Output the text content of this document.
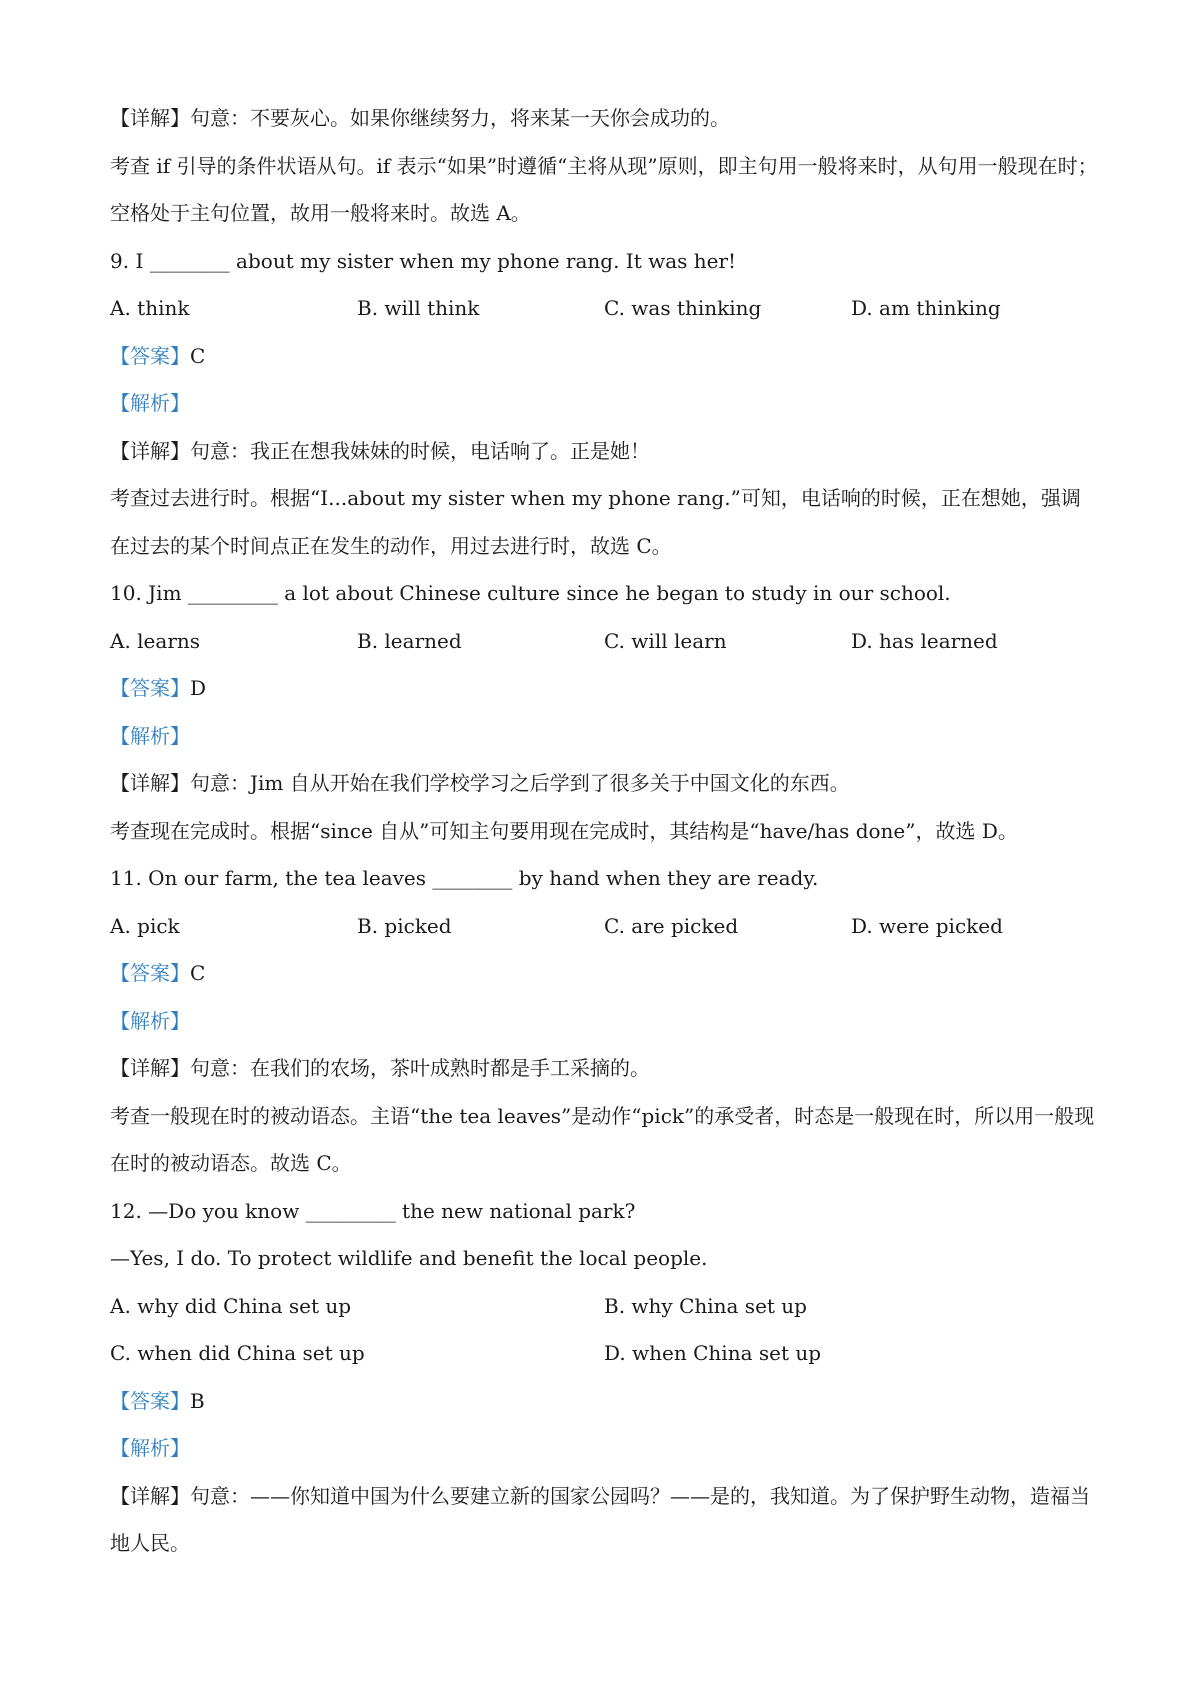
【详解】句意：不要灰心。如果你继续努力，将来某一天你会成功的。
考查 if 引导的条件状语从句。if 表示“如果”时遵循“主将从现”原则，即主句用一般将来时，从句用一般现在时；空格处于主句位置，故用一般将来时。故选 A。
9. I ________ about my sister when my phone rang. It was her!
A. think	B. will think	C. was thinking	D. am thinking
【答案】C
【解析】
【详解】句意：我正在想我妹妹的时候，电话响了。正是她！
考查过去进行时。根据“I...about my sister when my phone rang.”可知，电话响的时候，正在想她，强调在过去的某个时间点正在发生的动作，用过去进行时，故选 C。
10. Jim _________ a lot about Chinese culture since he began to study in our school.
A. learns	B. learned	C. will learn	D. has learned
【答案】D
【解析】
【详解】句意：Jim 自从开始在我们学校学习之后学到了很多关于中国文化的东西。
考查现在完成时。根据“since 自从”可知主句要用现在完成时，其结构是“have/has done”，故选 D。
11. On our farm, the tea leaves ________ by hand when they are ready.
A. pick	B. picked	C. are picked	D. were picked
【答案】C
【解析】
【详解】句意：在我们的农场，茶叶成熟时都是手工采摘的。
考查一般现在时的被动语态。主语“the tea leaves”是动作“pick”的承受者，时态是一般现在时，所以用一般现在时的被动语态。故选 C。
12. —Do you know _________ the new national park?
—Yes, I do. To protect wildlife and benefit the local people.
A. why did China set up	B. why China set up
C. when did China set up	D. when China set up
【答案】B
【解析】
【详解】句意：——你知道中国为什么要建立新的国家公园吗？——是的，我知道。为了保护野生动物，造福当地人民。
